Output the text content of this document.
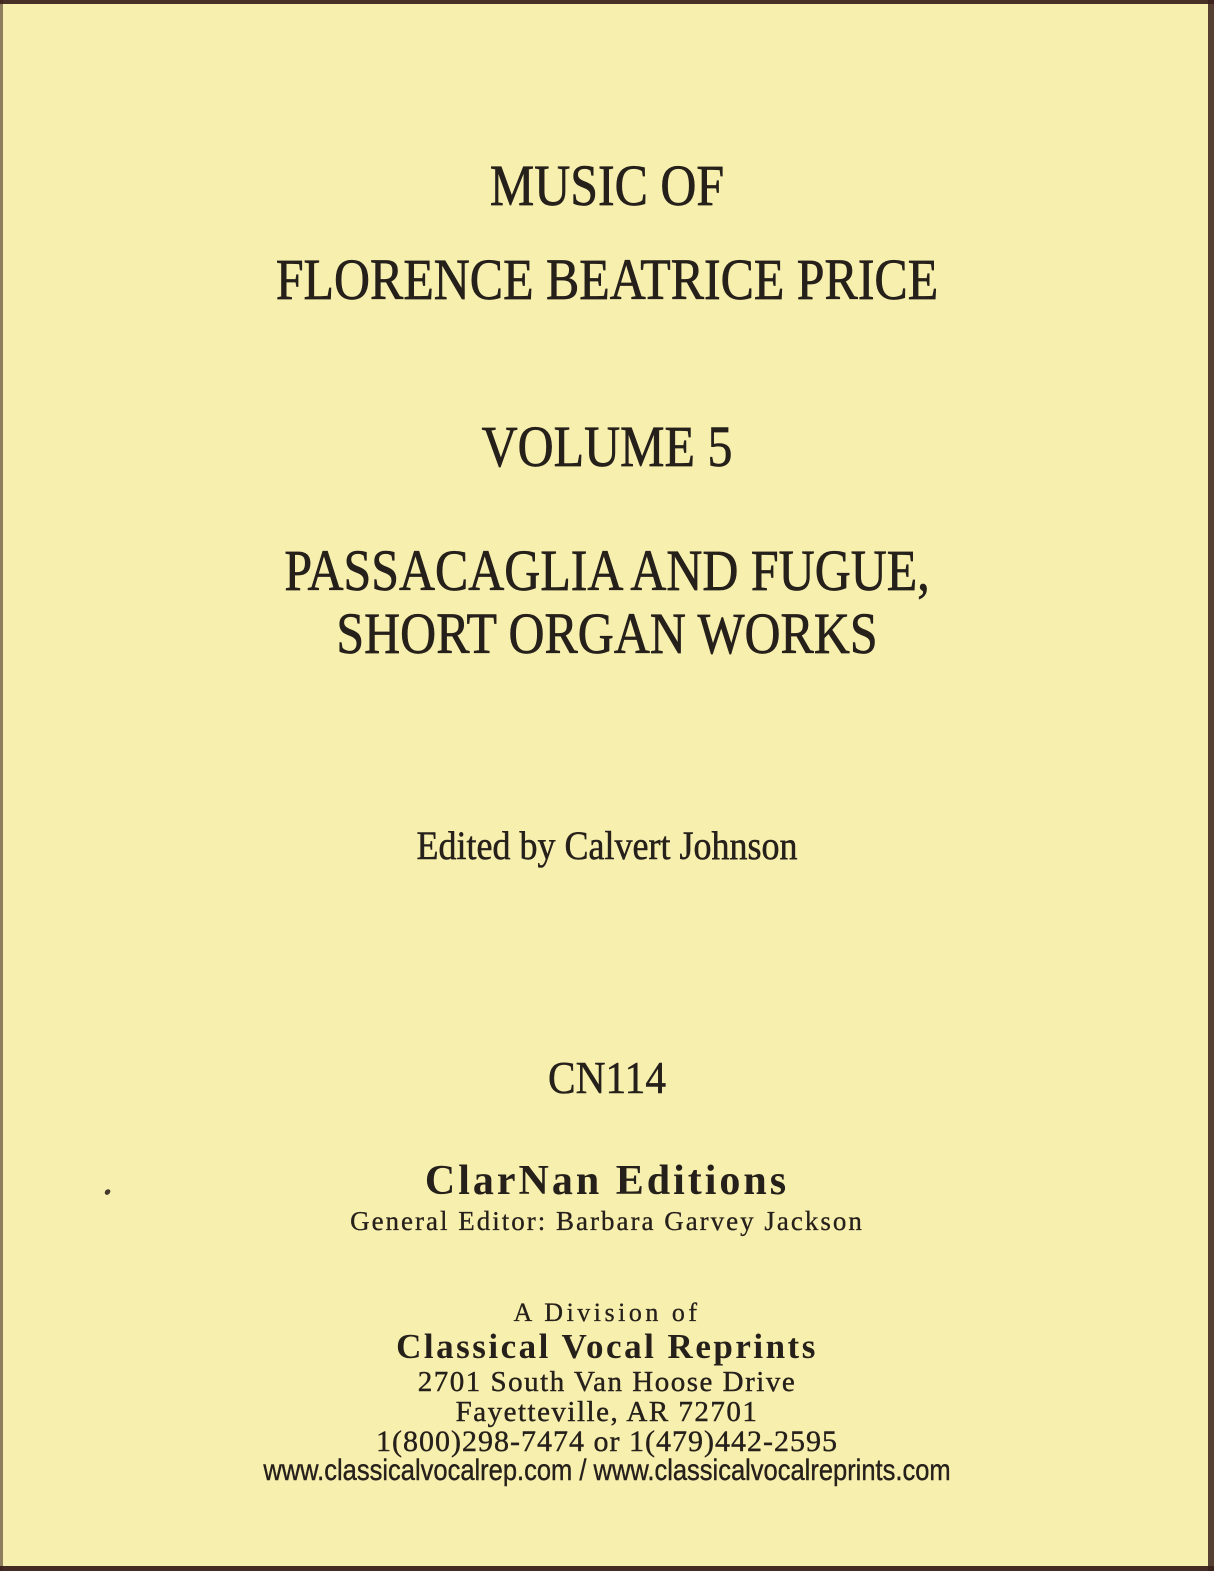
MUSIC OF
FLORENCE BEATRICE PRICE
VOLUME 5
PASSACAGLIA AND FUGUE,
SHORT ORGAN WORKS
Edited by Calvert Johnson
CN114
ClarNan Editions
General Editor: Barbara Garvey Jackson
A Division of
Classical Vocal Reprints
2701 South Van Hoose Drive
Fayetteville, AR 72701
1(800)298-7474 or 1(479)442-2595
www.classicalvocalrep.com / www.classicalvocalreprints.com
